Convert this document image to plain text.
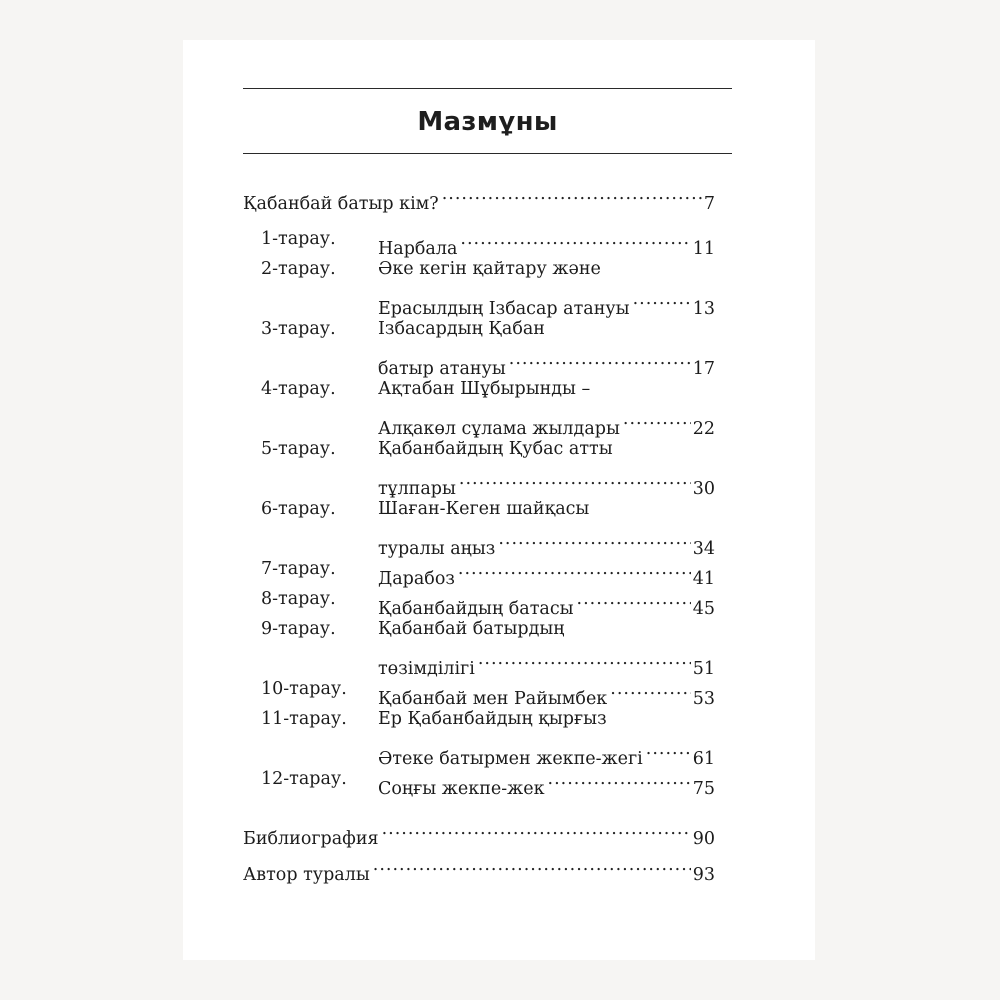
Мазмұны
Қабанбай батыр кім? .....	7
1-тарау. Нарбала .....	11
2-тарау. Әке кегін қайтару және
Ерасылдың Ізбасар атануы .....	13
3-тарау. Ізбасардың Қабан
батыр атануы .....	17
4-тарау. Ақтабан Шұбырынды –
Алқакөл сұлама жылдары .....	22
5-тарау. Қабанбайдың Қубас атты
тұлпары .....	30
6-тарау. Шаған-Кеген шайқасы
туралы аңыз .....	34
7-тарау. Дарабоз .....	41
8-тарау. Қабанбайдың батасы .....	45
9-тарау. Қабанбай батырдың
төзімділігі .....	51
10-тарау. Қабанбай мен Райымбек .....	53
11-тарау. Ер Қабанбайдың қырғыз
Әтеке батырмен жекпе-жегі .....	61
12-тарау. Соңғы жекпе-жек .....	75
Библиография .....	90
Автор туралы .....	93
